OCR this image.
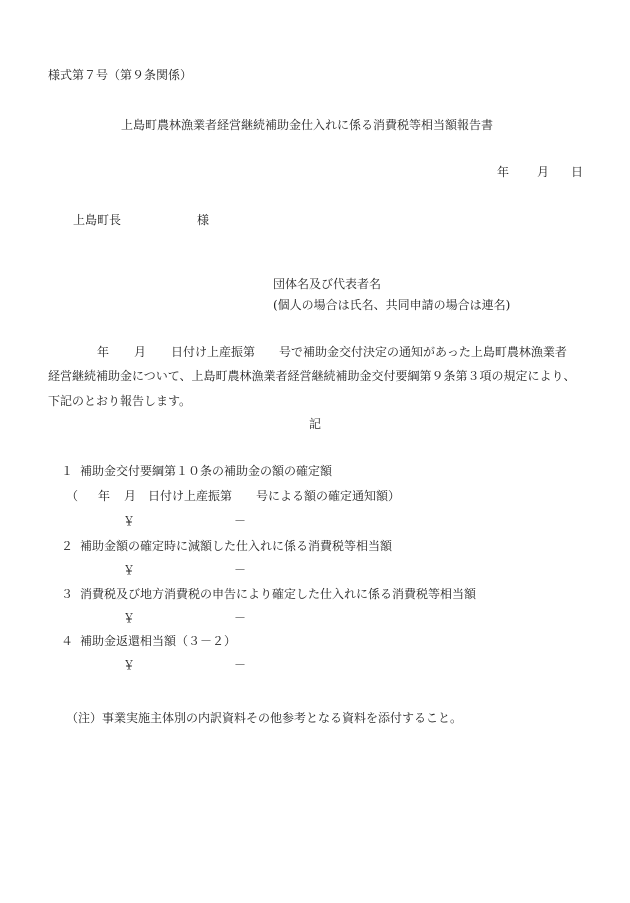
様式第７号（第９条関係）

上島町農林漁業者経営継続補助金仕入れに係る消費税等相当額報告書

年 月 日

上島町長	様

団体名及び代表者名

(個人の場合は氏名、共同申請の場合は連名)

年 月 日付け上産振第　　号で補助金交付決定の通知があった上島町農林漁業者

経営継続補助金について、上島町農林漁業者経営継続補助金交付要綱第９条第３項の規定により、

下記のとおり報告します。

記

１ 補助金交付要綱第１０条の補助金の額の確定額

（ 年 月 日付け上産振第　　号による額の確定通知額）

￥	－

２ 補助金額の確定時に減額した仕入れに係る消費税等相当額

￥	－

３ 消費税及び地方消費税の申告により確定した仕入れに係る消費税等相当額

￥	－

４ 補助金返還相当額（３－２）

￥	－

（注）事業実施主体別の内訳資料その他参考となる資料を添付すること。
